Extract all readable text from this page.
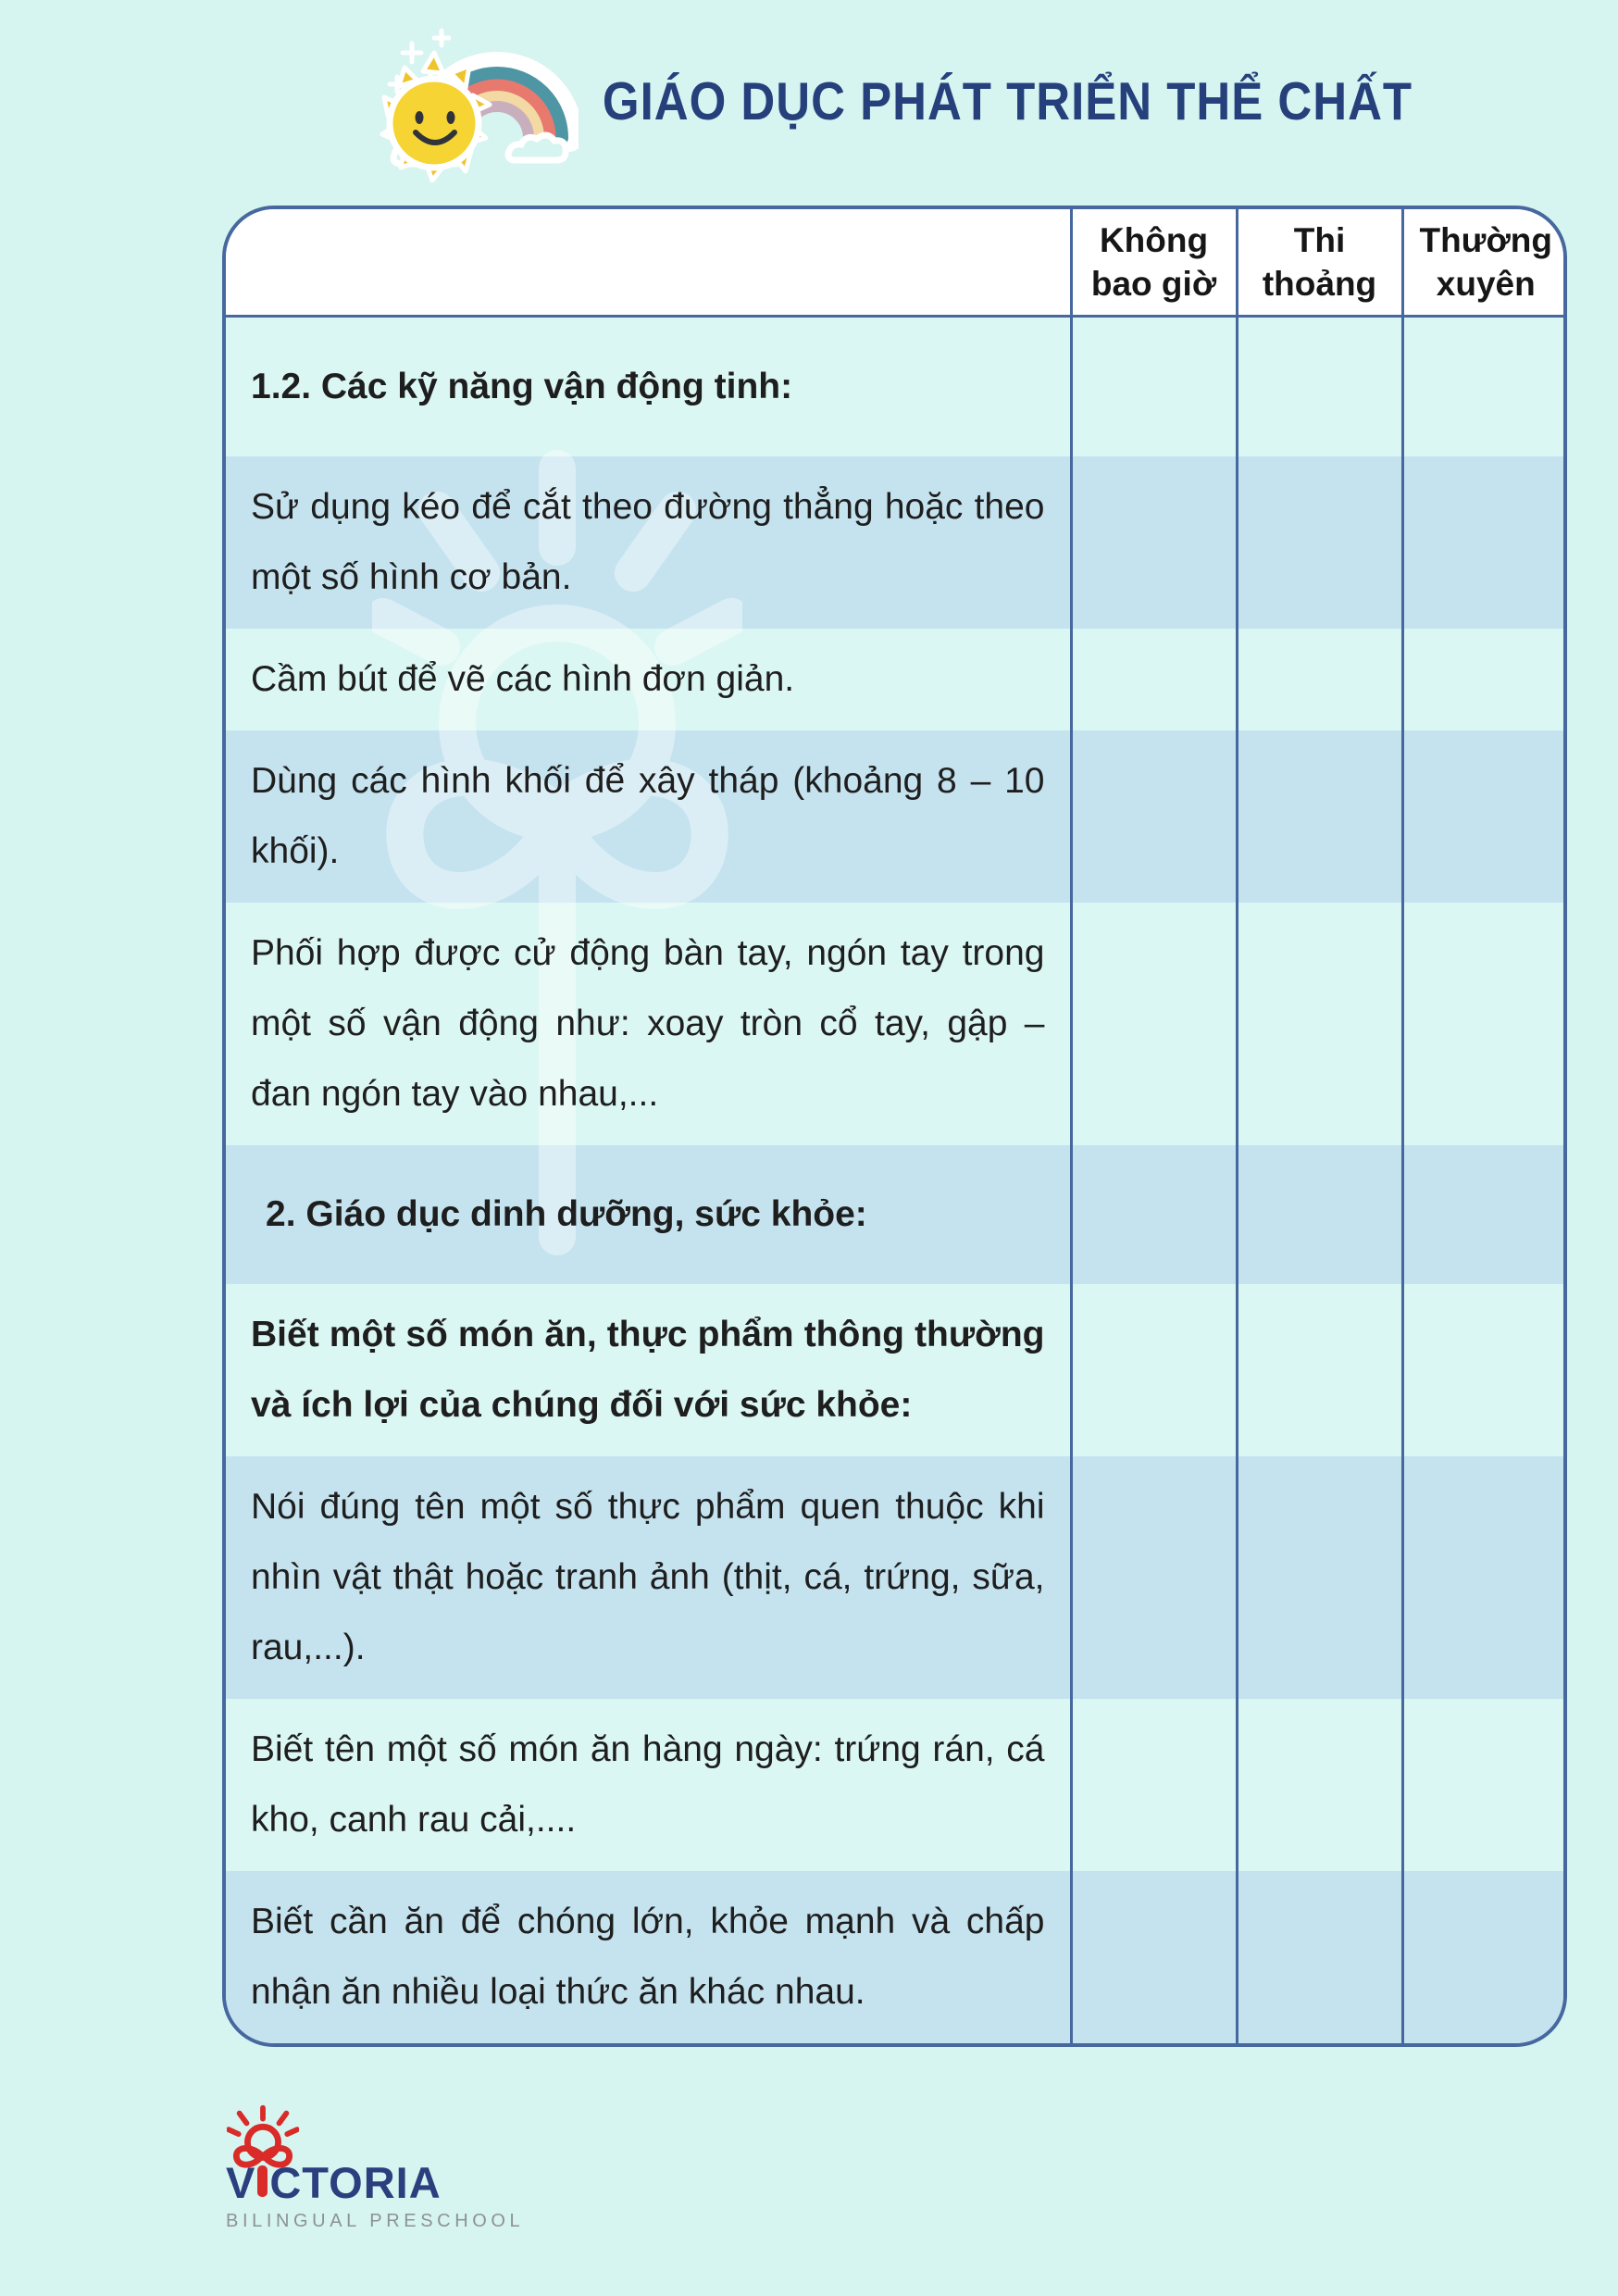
GIÁO DỤC PHÁT TRIỂN THỂ CHẤT
	Không bao giờ	Thi thoảng	Thường xuyên
1.2. Các kỹ năng vận động tinh:			
Sử dụng kéo để cắt theo đường thẳng hoặc theo một số hình cơ bản.			
Cầm bút để vẽ các hình đơn giản.			
Dùng các hình khối để xây tháp (khoảng 8 – 10 khối).			
Phối hợp được cử động bàn tay, ngón tay trong một số vận động như: xoay tròn cổ tay, gập – đan ngón tay vào nhau,...			
2. Giáo dục dinh dưỡng, sức khỏe:			
Biết một số món ăn, thực phẩm thông thường và ích lợi của chúng đối với sức khỏe:			
Nói đúng tên một số thực phẩm quen thuộc khi nhìn vật thật hoặc tranh ảnh (thịt, cá, trứng, sữa, rau,...).			
Biết tên một số món ăn hàng ngày: trứng rán, cá kho, canh rau cải,....			
Biết cần ăn để chóng lớn, khỏe mạnh và chấp nhận ăn nhiều loại thức ăn khác nhau.			
V CTORIA
BILINGUAL PRESCHOOL
